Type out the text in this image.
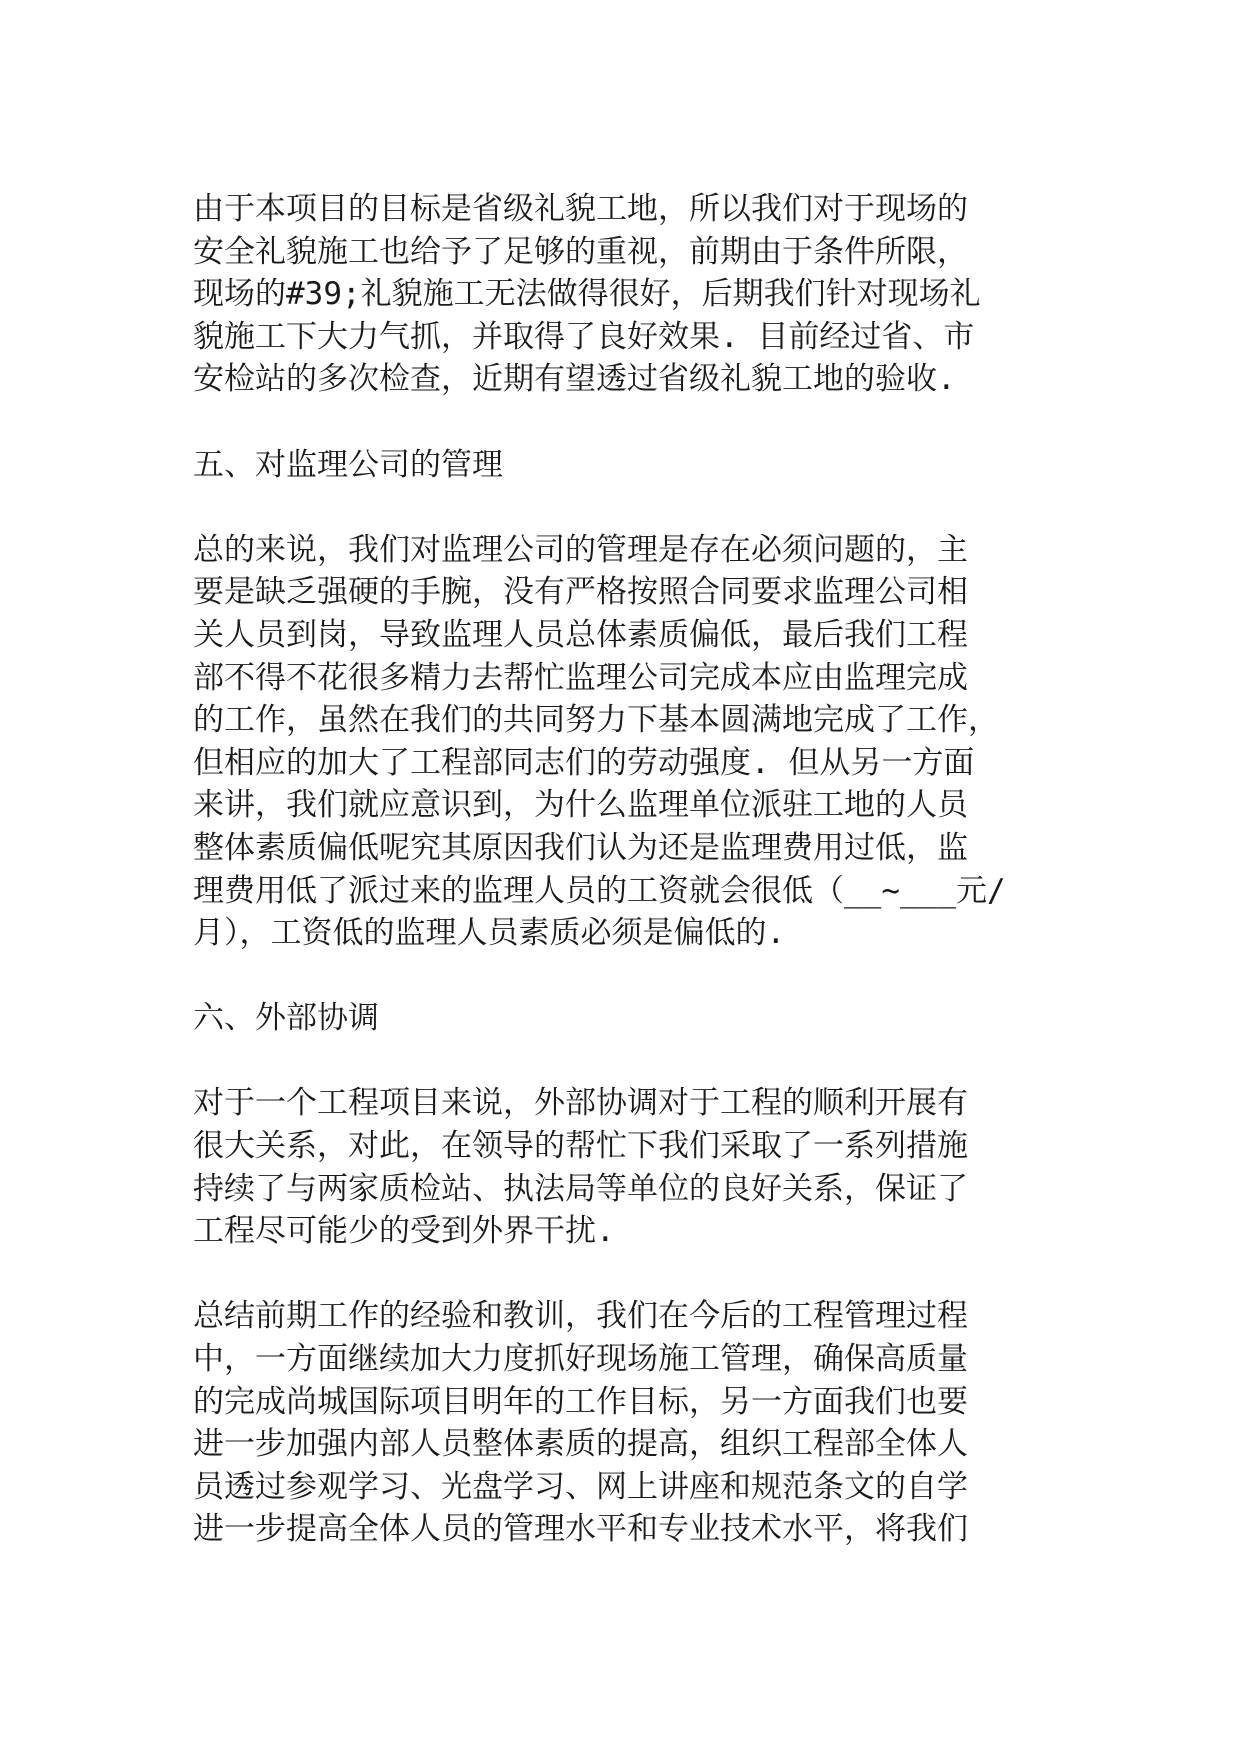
由于本项目的目标是省级礼貌工地，所以我们对于现场的
安全礼貌施工也给予了足够的重视，前期由于条件所限，
现场的#39;礼貌施工无法做得很好，后期我们针对现场礼
貌施工下大力气抓，并取得了良好效果. 目前经过省、市
安检站的多次检查，近期有望透过省级礼貌工地的验收.
五、对监理公司的管理
总的来说，我们对监理公司的管理是存在必须问题的，主
要是缺乏强硬的手腕，没有严格按照合同要求监理公司相
关人员到岗，导致监理人员总体素质偏低，最后我们工程
部不得不花很多精力去帮忙监理公司完成本应由监理完成
的工作，虽然在我们的共同努力下基本圆满地完成了工作，
但相应的加大了工程部同志们的劳动强度. 但从另一方面
来讲，我们就应意识到，为什么监理单位派驻工地的人员
整体素质偏低呢究其原因我们认为还是监理费用过低，监
理费用低了派过来的监理人员的工资就会很低（__~___元/
月），工资低的监理人员素质必须是偏低的.
六、外部协调
对于一个工程项目来说，外部协调对于工程的顺利开展有
很大关系，对此，在领导的帮忙下我们采取了一系列措施
持续了与两家质检站、执法局等单位的良好关系，保证了
工程尽可能少的受到外界干扰.
总结前期工作的经验和教训，我们在今后的工程管理过程
中，一方面继续加大力度抓好现场施工管理，确保高质量
的完成尚城国际项目明年的工作目标，另一方面我们也要
进一步加强内部人员整体素质的提高，组织工程部全体人
员透过参观学习、光盘学习、网上讲座和规范条文的自学
进一步提高全体人员的管理水平和专业技术水平，将我们
